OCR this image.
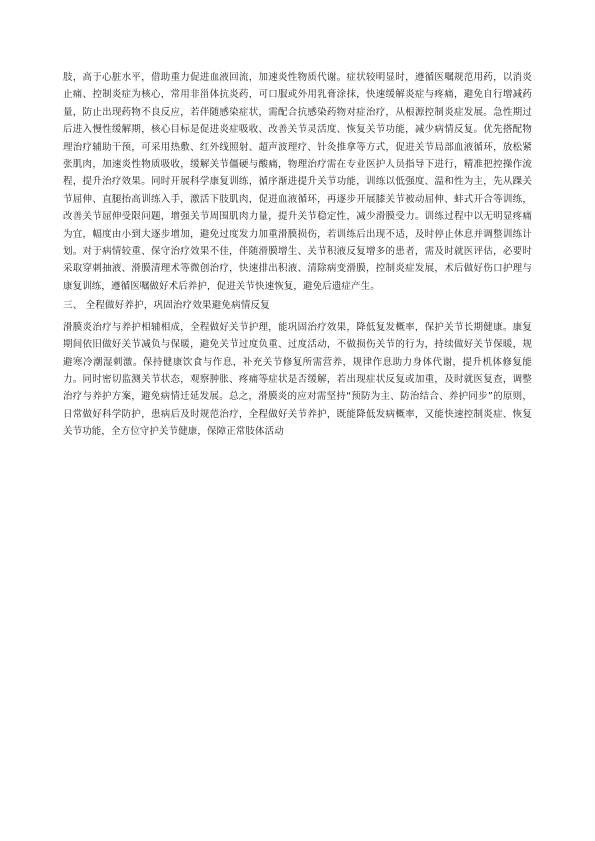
肢，高于心脏水平，借助重力促进血液回流，加速炎性物质代谢。症状较明显时，遵循医嘱规范用药，以消炎止痛、控制炎症为核心，常用非甾体抗炎药，可口服或外用乳膏涂抹，快速缓解炎症与疼痛，避免自行增减药量，防止出现药物不良反应，若伴随感染症状，需配合抗感染药物对症治疗，从根源控制炎症发展。急性期过后进入慢性缓解期，核心目标是促进炎症吸收、改善关节灵活度、恢复关节功能，减少病情反复。优先搭配物理治疗辅助干预，可采用热敷、红外线照射、超声波理疗、针灸推拿等方式，促进关节局部血液循环，放松紧张肌肉，加速炎性物质吸收，缓解关节僵硬与酸痛，物理治疗需在专业医护人员指导下进行，精准把控操作流程，提升治疗效果。同时开展科学康复训练，循序渐进提升关节功能，训练以低强度、温和性为主，先从踝关节屈伸、直腿抬高训练入手，激活下肢肌肉，促进血液循环，再逐步开展膝关节被动屈伸、蚌式开合等训练，改善关节屈伸受限问题，增强关节周围肌肉力量，提升关节稳定性，减少滑膜受力。训练过程中以无明显疼痛为宜，幅度由小到大逐步增加，避免过度发力加重滑膜损伤，若训练后出现不适，及时停止休息并调整训练计划。对于病情较重、保守治疗效果不佳，伴随滑膜增生、关节积液反复增多的患者，需及时就医评估，必要时采取穿刺抽液、滑膜清理术等微创治疗，快速排出积液、清除病变滑膜，控制炎症发展，术后做好伤口护理与康复训练，遵循医嘱做好术后养护，促进关节快速恢复，避免后遗症产生。

三、 全程做好养护，巩固治疗效果避免病情反复

滑膜炎治疗与养护相辅相成，全程做好关节护理，能巩固治疗效果，降低复发概率，保护关节长期健康。康复期间依旧做好关节减负与保暖，避免关节过度负重、过度活动，不做损伤关节的行为，持续做好关节保暖，规避寒冷潮湿刺激。保持健康饮食与作息，补充关节修复所需营养，规律作息助力身体代谢，提升机体修复能力。同时密切监测关节状态，观察肿胀、疼痛等症状是否缓解，若出现症状反复或加重，及时就医复查，调整治疗与养护方案，避免病情迁延发展。总之，滑膜炎的应对需坚持“预防为主、防治结合、养护同步”的原则，日常做好科学防护，患病后及时规范治疗，全程做好关节养护，既能降低发病概率，又能快速控制炎症、恢复关节功能，全方位守护关节健康，保障正常肢体活动
